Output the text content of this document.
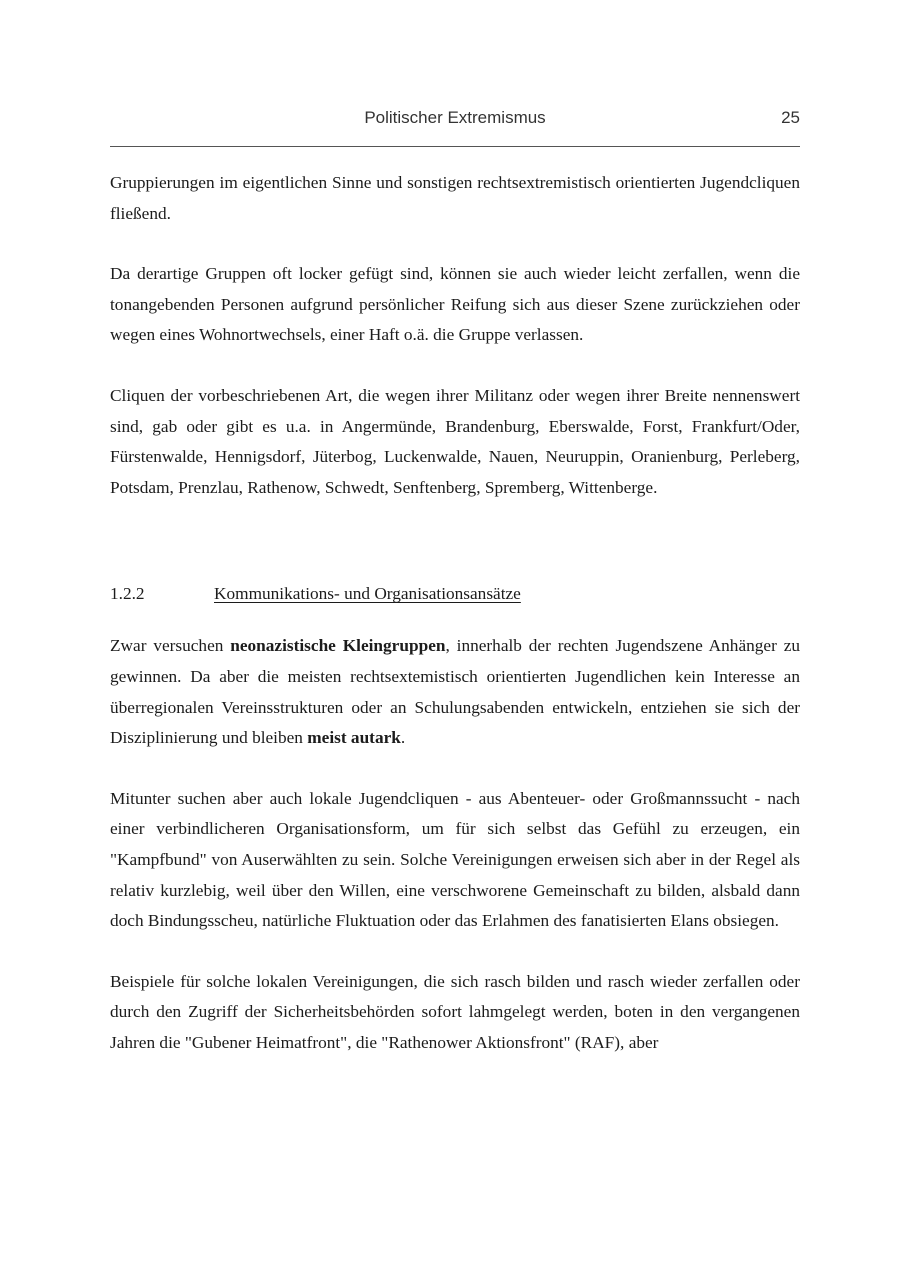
Politischer Extremismus	25

Gruppierungen im eigentlichen Sinne und sonstigen rechtsextremistisch orientierten Jugendcliquen fließend.

Da derartige Gruppen oft locker gefügt sind, können sie auch wieder leicht zerfallen, wenn die tonangebenden Personen aufgrund persönlicher Reifung sich aus dieser Szene zurückziehen oder wegen eines Wohnortwechsels, einer Haft o.ä. die Gruppe verlassen.

Cliquen der vorbeschriebenen Art, die wegen ihrer Militanz oder wegen ihrer Breite nennenswert sind, gab oder gibt es u.a. in Angermünde, Brandenburg, Eberswalde, Forst, Frankfurt/Oder, Fürstenwalde, Hennigsdorf, Jüterbog, Luckenwalde, Nauen, Neuruppin, Oranienburg, Perleberg, Potsdam, Prenzlau, Rathenow, Schwedt, Senftenberg, Spremberg, Wittenberge.

1.2.2	Kommunikations- und Organisationsansätze

Zwar versuchen neonazistische Kleingruppen, innerhalb der rechten Jugendszene Anhänger zu gewinnen. Da aber die meisten rechtsextemistisch orientierten Jugendlichen kein Interesse an überregionalen Vereinsstrukturen oder an Schulungsabenden entwickeln, entziehen sie sich der Disziplinierung und bleiben meist autark.

Mitunter suchen aber auch lokale Jugendcliquen - aus Abenteuer- oder Großmannssucht - nach einer verbindlicheren Organisationsform, um für sich selbst das Gefühl zu erzeugen, ein "Kampfbund" von Auserwählten zu sein. Solche Vereinigungen erweisen sich aber in der Regel als relativ kurzlebig, weil über den Willen, eine verschworene Gemeinschaft zu bilden, alsbald dann doch Bindungsscheu, natürliche Fluktuation oder das Erlahmen des fanatisierten Elans obsiegen.

Beispiele für solche lokalen Vereinigungen, die sich rasch bilden und rasch wieder zerfallen oder durch den Zugriff der Sicherheitsbehörden sofort lahmgelegt werden, boten in den vergangenen Jahren die "Gubener Heimatfront", die "Rathenower Aktionsfront" (RAF), aber
